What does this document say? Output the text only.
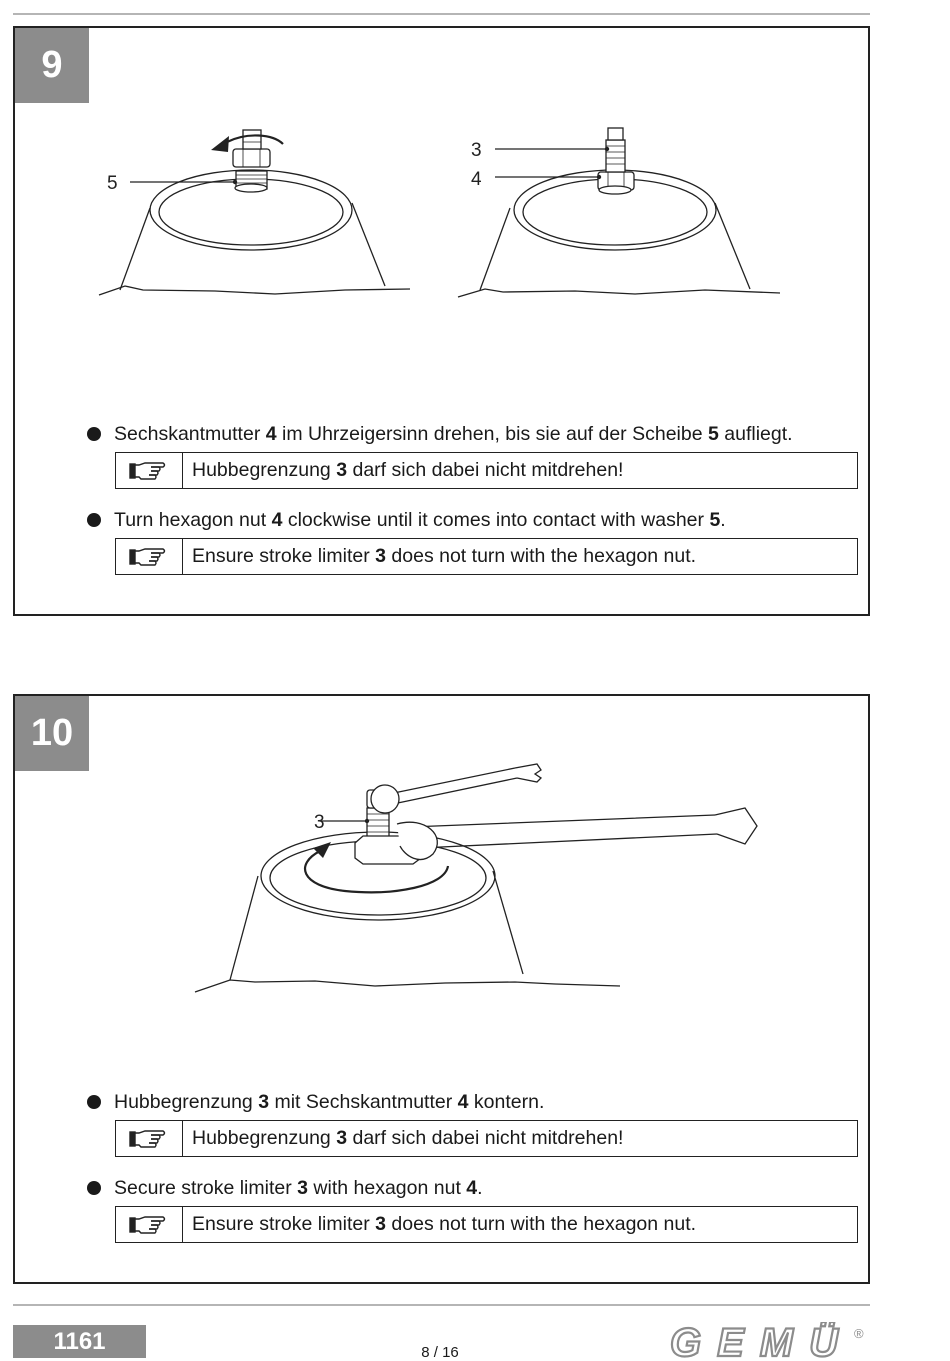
9
5
3
4
Sechskantmutter 4 im Uhrzeigersinn drehen, bis sie auf der Scheibe 5 aufliegt.
Hubbegrenzung 3 darf sich dabei nicht mitdrehen!
Turn hexagon nut 4 clockwise until it comes into contact with washer 5.
Ensure stroke limiter 3 does not turn with the hexagon nut.
10
3
Hubbegrenzung 3 mit Sechskantmutter 4 kontern.
Hubbegrenzung 3 darf sich dabei nicht mitdrehen!
Secure stroke limiter 3 with hexagon nut 4.
Ensure stroke limiter 3 does not turn with the hexagon nut.
1161	8 / 16	GEMÜ ®
